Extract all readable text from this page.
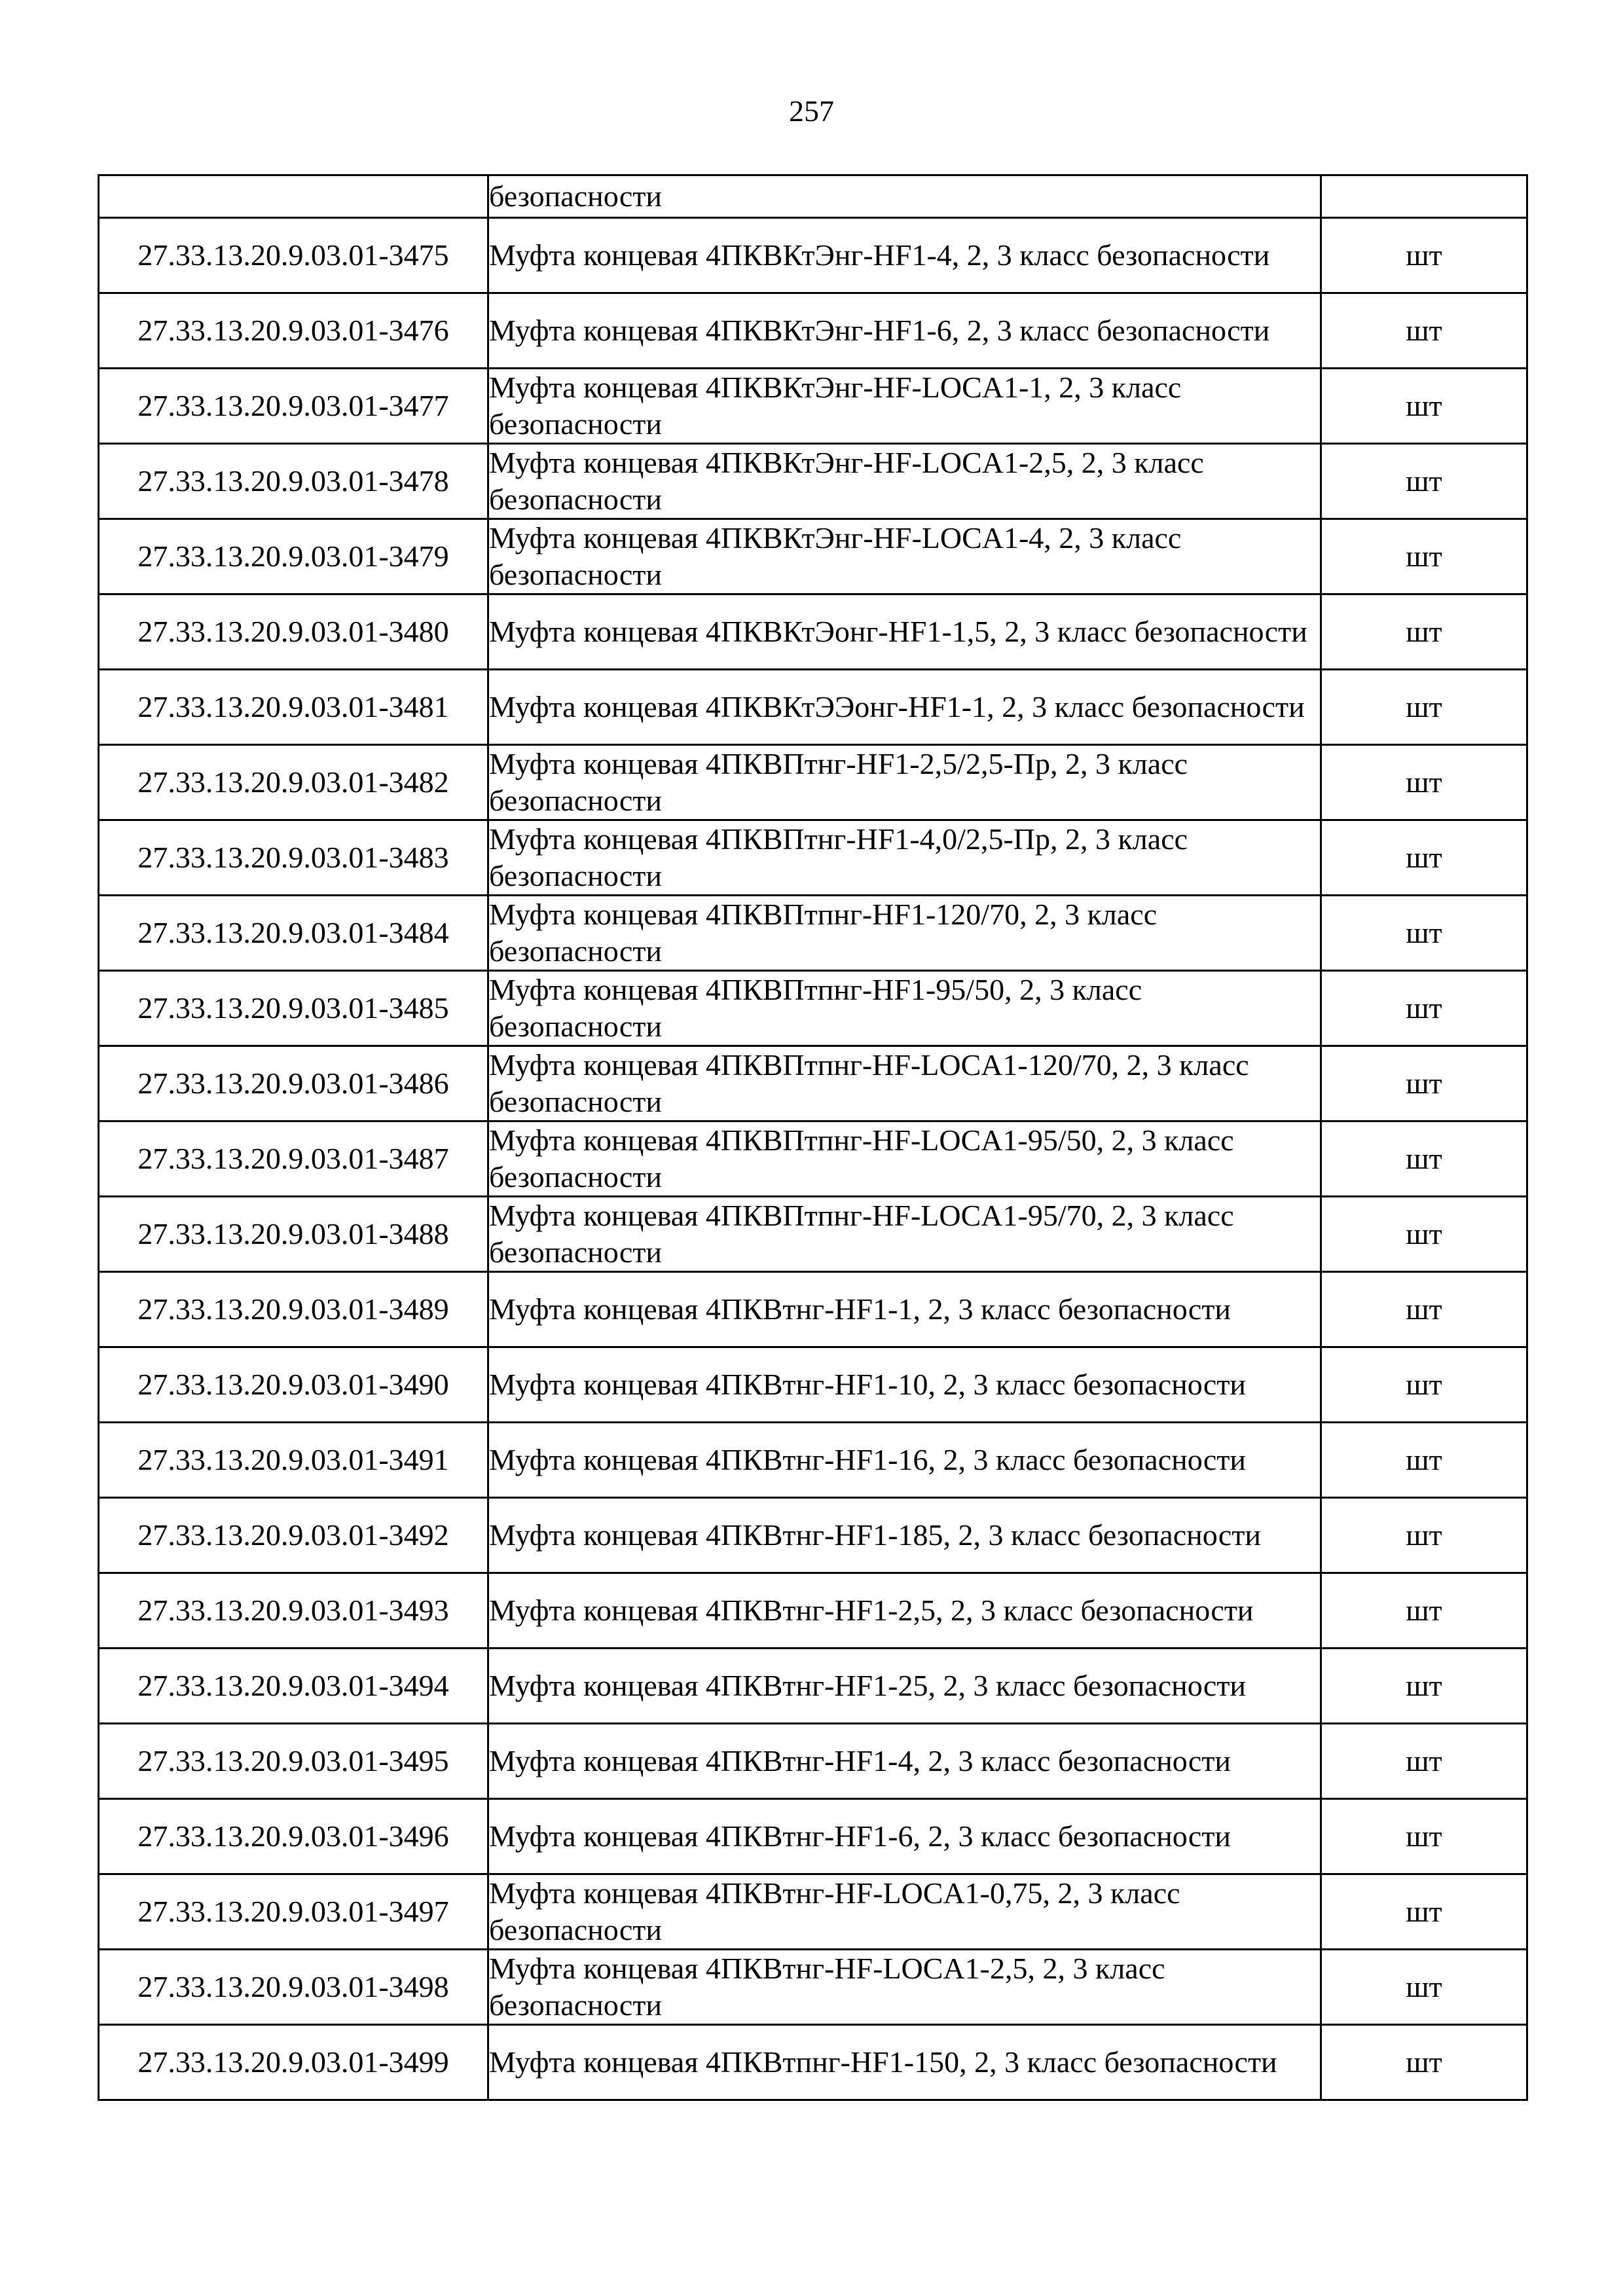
257
	безопасности	
27.33.13.20.9.03.01-3475	Муфта концевая 4ПКВКтЭнг-HF1-4, 2, 3 класс безопасности	шт
27.33.13.20.9.03.01-3476	Муфта концевая 4ПКВКтЭнг-HF1-6, 2, 3 класс безопасности	шт
27.33.13.20.9.03.01-3477	Муфта концевая 4ПКВКтЭнг-HF-LOCA1-1, 2, 3 класс безопасности	шт
27.33.13.20.9.03.01-3478	Муфта концевая 4ПКВКтЭнг-HF-LOCA1-2,5, 2, 3 класс безопасности	шт
27.33.13.20.9.03.01-3479	Муфта концевая 4ПКВКтЭнг-HF-LOCA1-4, 2, 3 класс безопасности	шт
27.33.13.20.9.03.01-3480	Муфта концевая 4ПКВКтЭонг-HF1-1,5, 2, 3 класс безопасности	шт
27.33.13.20.9.03.01-3481	Муфта концевая 4ПКВКтЭЭонг-HF1-1, 2, 3 класс безопасности	шт
27.33.13.20.9.03.01-3482	Муфта концевая 4ПКВПтнг-HF1-2,5/2,5-Пр, 2, 3 класс безопасности	шт
27.33.13.20.9.03.01-3483	Муфта концевая 4ПКВПтнг-HF1-4,0/2,5-Пр, 2, 3 класс безопасности	шт
27.33.13.20.9.03.01-3484	Муфта концевая 4ПКВПтпнг-HF1-120/70, 2, 3 класс безопасности	шт
27.33.13.20.9.03.01-3485	Муфта концевая 4ПКВПтпнг-HF1-95/50, 2, 3 класс безопасности	шт
27.33.13.20.9.03.01-3486	Муфта концевая 4ПКВПтпнг-HF-LOCA1-120/70, 2, 3 класс безопасности	шт
27.33.13.20.9.03.01-3487	Муфта концевая 4ПКВПтпнг-HF-LOCA1-95/50, 2, 3 класс безопасности	шт
27.33.13.20.9.03.01-3488	Муфта концевая 4ПКВПтпнг-HF-LOCA1-95/70, 2, 3 класс безопасности	шт
27.33.13.20.9.03.01-3489	Муфта концевая 4ПКВтнг-HF1-1, 2, 3 класс безопасности	шт
27.33.13.20.9.03.01-3490	Муфта концевая 4ПКВтнг-HF1-10, 2, 3 класс безопасности	шт
27.33.13.20.9.03.01-3491	Муфта концевая 4ПКВтнг-HF1-16, 2, 3 класс безопасности	шт
27.33.13.20.9.03.01-3492	Муфта концевая 4ПКВтнг-HF1-185, 2, 3 класс безопасности	шт
27.33.13.20.9.03.01-3493	Муфта концевая 4ПКВтнг-HF1-2,5, 2, 3 класс безопасности	шт
27.33.13.20.9.03.01-3494	Муфта концевая 4ПКВтнг-HF1-25, 2, 3 класс безопасности	шт
27.33.13.20.9.03.01-3495	Муфта концевая 4ПКВтнг-HF1-4, 2, 3 класс безопасности	шт
27.33.13.20.9.03.01-3496	Муфта концевая 4ПКВтнг-HF1-6, 2, 3 класс безопасности	шт
27.33.13.20.9.03.01-3497	Муфта концевая 4ПКВтнг-HF-LOCA1-0,75, 2, 3 класс безопасности	шт
27.33.13.20.9.03.01-3498	Муфта концевая 4ПКВтнг-HF-LOCA1-2,5, 2, 3 класс безопасности	шт
27.33.13.20.9.03.01-3499	Муфта концевая 4ПКВтпнг-HF1-150, 2, 3 класс безопасности	шт
